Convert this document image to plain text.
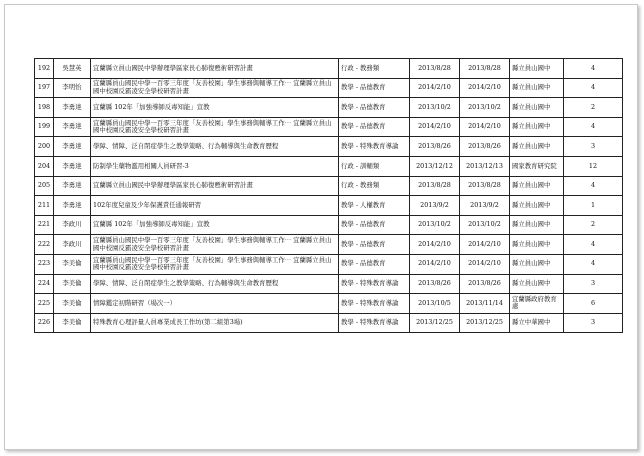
192	吳慧英	宜蘭縣立員山國民中學辦理學區家長心肺復甦術研習計畫	行政 - 教務類	2013/8/28	2013/8/28	縣立員山國中	4
197	李明怡	宜蘭縣員山國民中學一百零三年度「友善校園」學生事務與輔導工作⋯ 宜蘭縣立員山國中校園反霸凌安全學校研習計畫	教學 - 品德教育	2014/2/10	2014/2/10	縣立員山國中	4
198	李勇達	宜蘭縣 102年「加強導師反毒知能」宣教	教學 - 品德教育	2013/10/2	2013/10/2	縣立員山國中	2
199	李勇達	宜蘭縣員山國民中學一百零三年度「友善校園」學生事務與輔導工作⋯ 宜蘭縣立員山國中校園反霸凌安全學校研習計畫	教學 - 品德教育	2014/2/10	2014/2/10	縣立員山國中	4
200	李勇達	學障、情障、泛自閉症學生之教學策略、行為輔導與生命教育歷程	教學 - 特殊教育導論	2013/8/26	2013/8/26	縣立員山國中	3
204	李勇達	防制學生藥物濫用相關人員研習-3	行政 - 訓輔類	2013/12/12	2013/12/13	國家教育研究院	12
205	李勇達	宜蘭縣立員山國民中學辦理學區家長心肺復甦術研習計畫	行政 - 教務類	2013/8/28	2013/8/28	縣立員山國中	4
211	李勇達	102年度兒童及少年保護責任通報研習	教學 - 人權教育	2013/9/2	2013/9/2	縣立員山國中	1
221	李政川	宜蘭縣 102年「加強導師反毒知能」宣教	教學 - 品德教育	2013/10/2	2013/10/2	縣立員山國中	2
222	李政川	宜蘭縣員山國民中學一百零三年度「友善校園」學生事務與輔導工作⋯ 宜蘭縣立員山國中校園反霸凌安全學校研習計畫	教學 - 品德教育	2014/2/10	2014/2/10	縣立員山國中	4
223	李美倫	宜蘭縣員山國民中學一百零三年度「友善校園」學生事務與輔導工作⋯ 宜蘭縣立員山國中校園反霸凌安全學校研習計畫	教學 - 品德教育	2014/2/10	2014/2/10	縣立員山國中	4
224	李美倫	學障、情障、泛自閉症學生之教學策略、行為輔導與生命教育歷程	教學 - 特殊教育導論	2013/8/26	2013/8/26	縣立員山國中	3
225	李美倫	情障鑑定初階研習（場次一）	教學 - 特殊教育導論	2013/10/5	2013/11/14	宜蘭縣政府教育處	6
226	李美倫	特殊教育心理評量人員專業成長工作坊(第二組第3場)	教學 - 特殊教育導論	2013/12/25	2013/12/25	縣立中華國中	3
